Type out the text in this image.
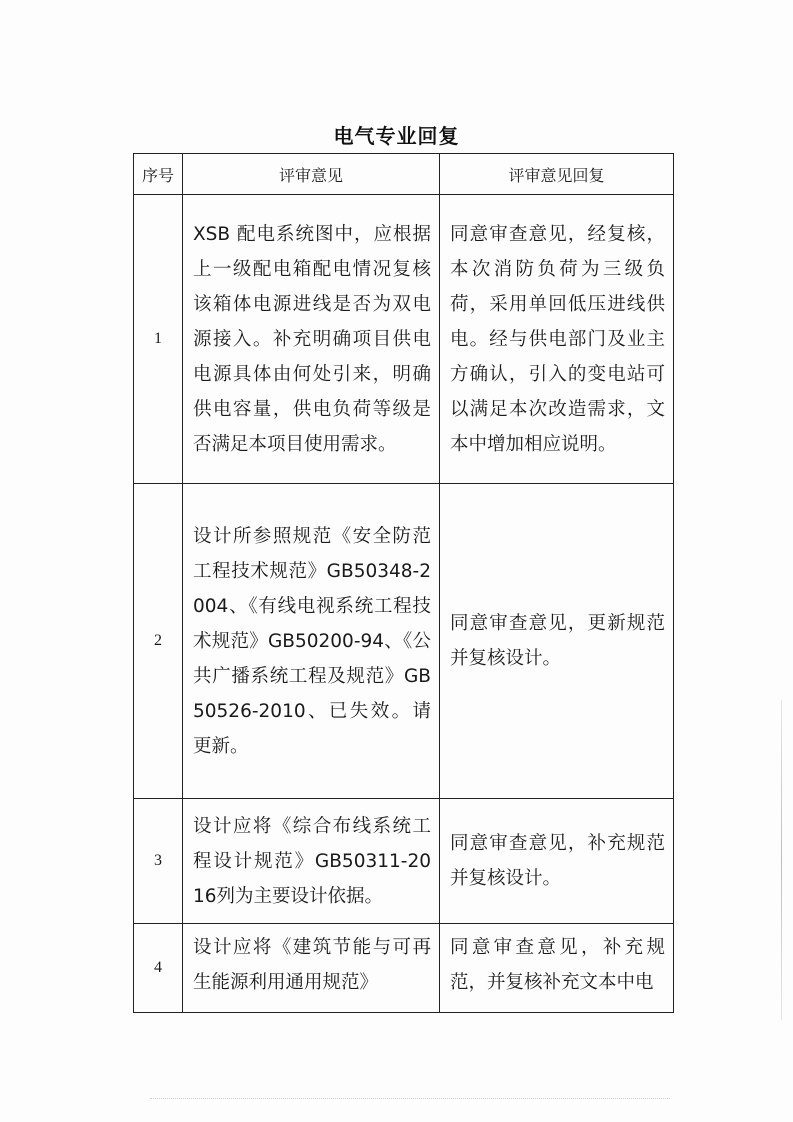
电气专业回复
序号	评审意见	评审意见回复
1	XSB 配电系统图中，应根据上一级配电箱配电情况复核该箱体电源进线是否为双电源接入。补充明确项目供电电源具体由何处引来，明确供电容量，供电负荷等级是否满足本项目使用需求。	同意审查意见，经复核，本次消防负荷为三级负荷，采用单回低压进线供电。经与供电部门及业主方确认，引入的变电站可以满足本次改造需求，文本中增加相应说明。
2	设计所参照规范《安全防范工程技术规范》GB50348-2004、《有线电视系统工程技术规范》GB50200-94、《公共广播系统工程及规范》GB50526-2010、已失效。请更新。	同意审查意见，更新规范并复核设计。
3	设计应将《综合布线系统工程设计规范》GB50311-2016列为主要设计依据。	同意审查意见，补充规范并复核设计。
4	设计应将《建筑节能与可再生能源利用通用规范》	同意审查意见，补充规范，并复核补充文本中电
